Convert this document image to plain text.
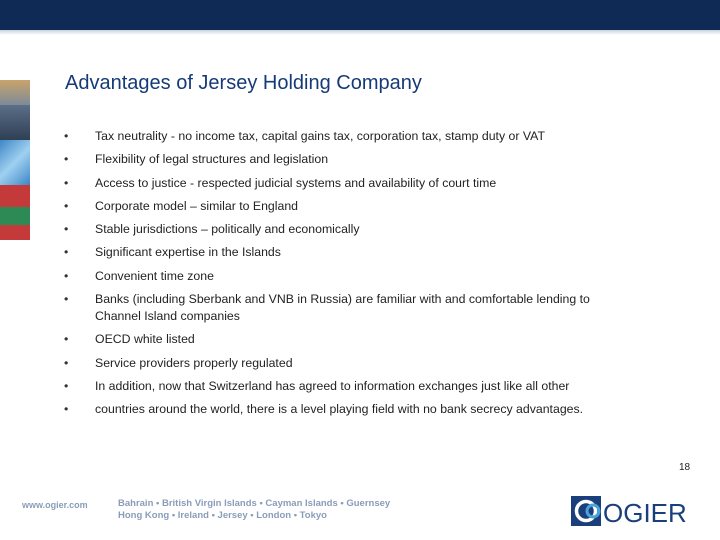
Advantages of Jersey Holding Company
• Tax neutrality - no income tax, capital gains tax, corporation tax, stamp duty or VAT
• Flexibility of legal structures and legislation
• Access to justice - respected judicial systems and availability of court time
• Corporate model – similar to England
• Stable jurisdictions – politically and economically
• Significant expertise in the Islands
• Convenient time zone
• Banks (including Sberbank and VNB in Russia) are familiar with and comfortable lending to Channel Island companies
• OECD white listed
• Service providers properly regulated
• In addition, now that Switzerland has agreed to information exchanges just like all other
• countries around the world, there is a level playing field with no bank secrecy advantages.
18
www.ogier.com	Bahrain • British Virgin Islands • Cayman Islands • Guernsey
Hong Kong • Ireland • Jersey • London • Tokyo	OGIER
